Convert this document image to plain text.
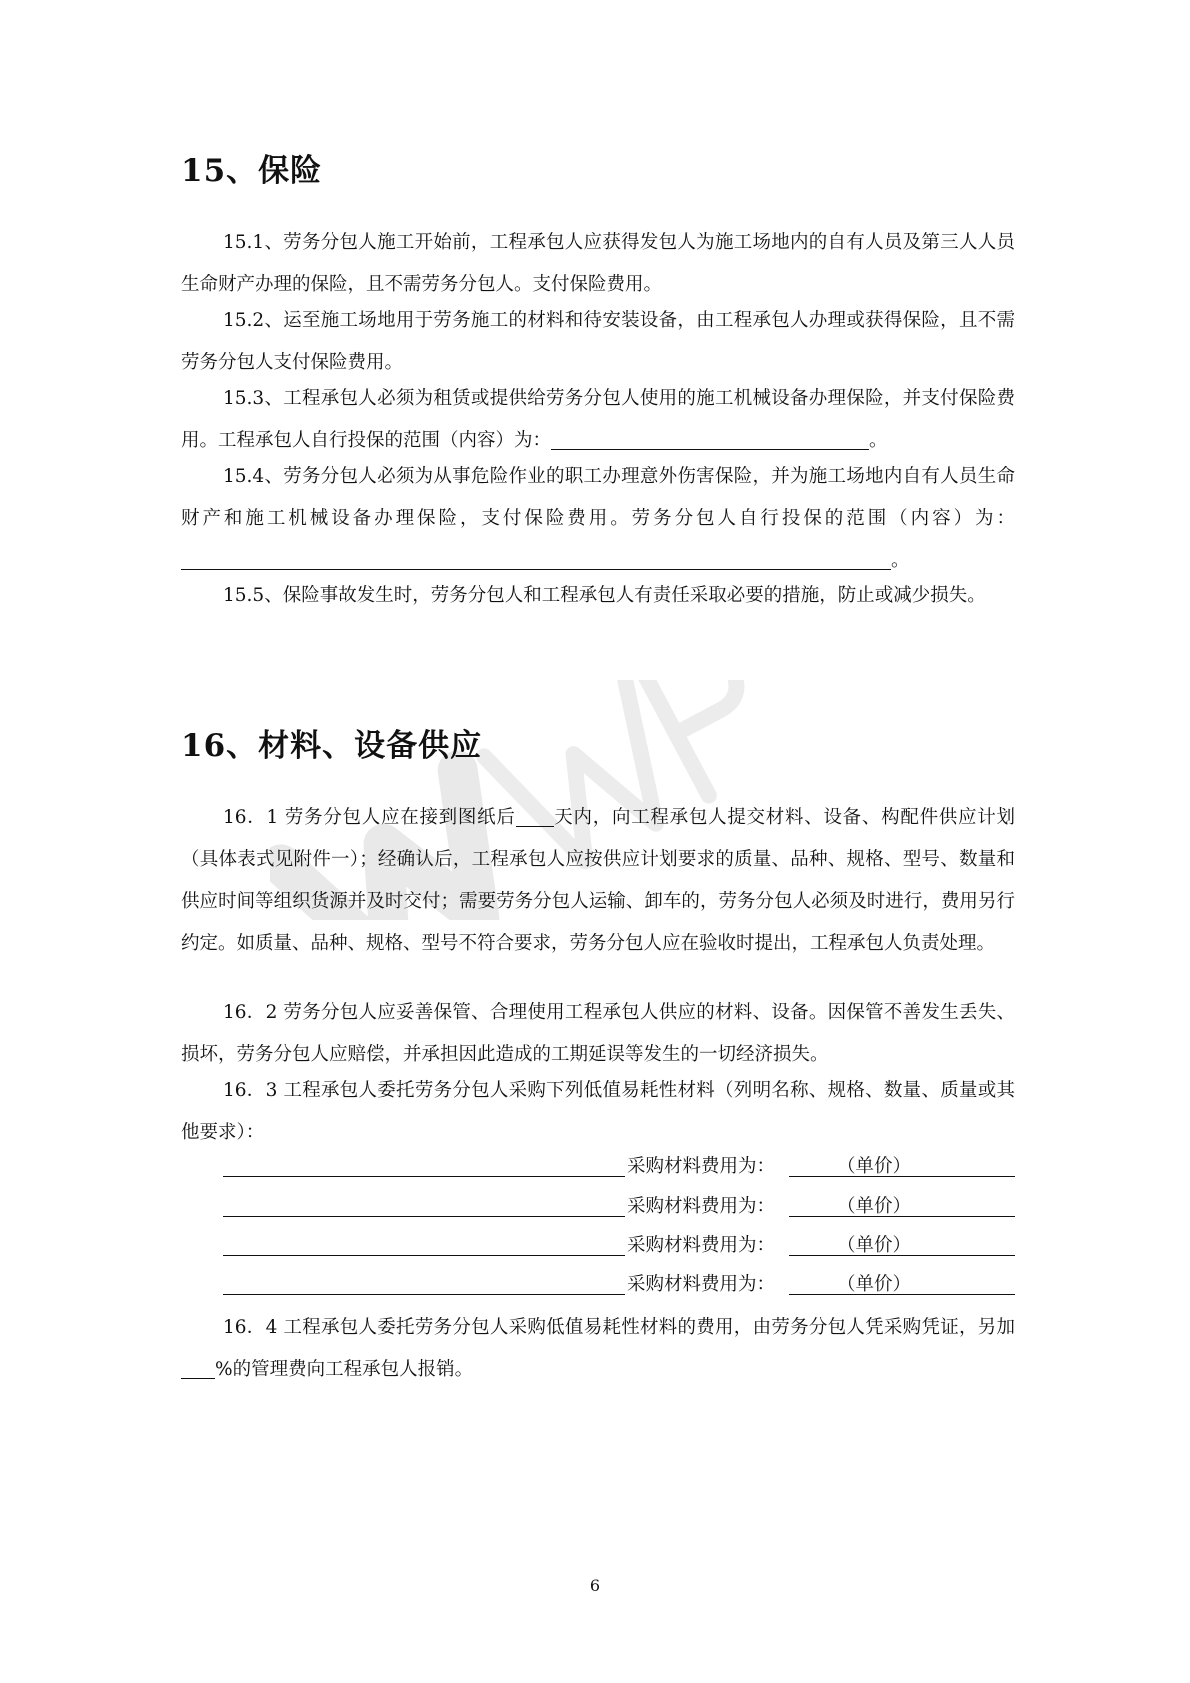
15、保险

15.1、劳务分包人施工开始前，工程承包人应获得发包人为施工场地内的自有人员及第三人人员生命财产办理的保险，且不需劳务分包人。支付保险费用。

15.2、运至施工场地用于劳务施工的材料和待安装设备，由工程承包人办理或获得保险，且不需劳务分包人支付保险费用。

15.3、工程承包人必须为租赁或提供给劳务分包人使用的施工机械设备办理保险，并支付保险费用。工程承包人自行投保的范围（内容）为：	。

15.4、劳务分包人必须为从事危险作业的职工办理意外伤害保险，并为施工场地内自有人员生命财产和施工机械设备办理保险，支付保险费用。劳务分包人自行投保的范围（内容）为：。

15.5、保险事故发生时，劳务分包人和工程承包人有责任采取必要的措施，防止或减少损失。

16、材料、设备供应

16．1 劳务分包人应在接到图纸后 天内，向工程承包人提交材料、设备、构配件供应计划（具体表式见附件一）；经确认后，工程承包人应按供应计划要求的质量、品种、规格、型号、数量和供应时间等组织货源并及时交付；需要劳务分包人运输、卸车的，劳务分包人必须及时进行，费用另行约定。如质量、品种、规格、型号不符合要求，劳务分包人应在验收时提出，工程承包人负责处理。

16．2 劳务分包人应妥善保管、合理使用工程承包人供应的材料、设备。因保管不善发生丢失、损坏，劳务分包人应赔偿，并承担因此造成的工期延误等发生的一切经济损失。

16．3 工程承包人委托劳务分包人采购下列低值易耗性材料（列明名称、规格、数量、质量或其他要求）：

采购材料费用为：	（单价）
采购材料费用为：	（单价）
采购材料费用为：	（单价）
采购材料费用为：	（单价）

16．4 工程承包人委托劳务分包人采购低值易耗性材料的费用，由劳务分包人凭采购凭证，另加%的管理费向工程承包人报销。

6
